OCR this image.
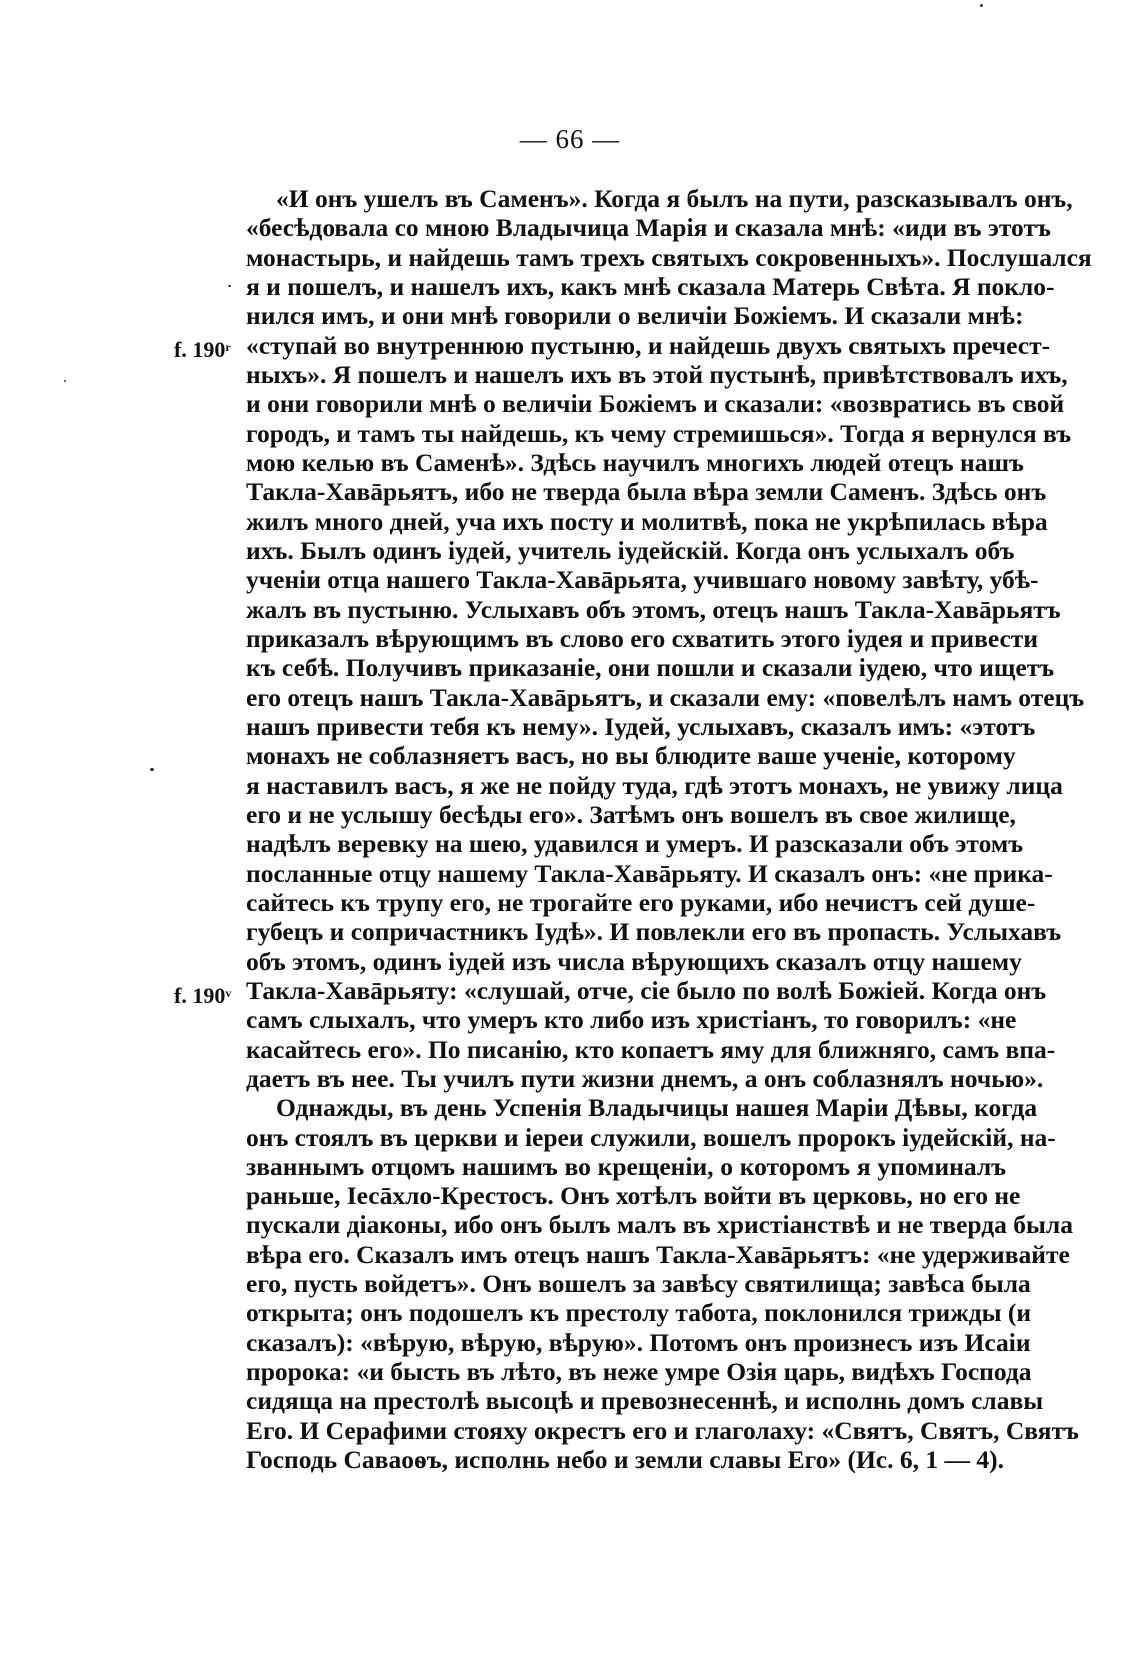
— 66 —
f. 190$^r$
f. 190$^v$
«И онъ ушелъ въ Саменъ». Когда я былъ на пути, разсказывалъ онъ,
«бесѣдовала со мною Владычица Марія и сказала мнѣ: «иди въ этотъ
монастырь, и найдешь тамъ трехъ святыхъ сокровенныхъ». Послушался
я и пошелъ, и нашелъ ихъ, какъ мнѣ сказала Матерь Свѣта. Я покло-
нился имъ, и они мнѣ говорили о величіи Божіемъ. И сказали мнѣ:
«ступай во внутреннюю пустыню, и найдешь двухъ святыхъ пречест-
ныхъ». Я пошелъ и нашелъ ихъ въ этой пустынѣ, привѣтствовалъ ихъ,
и они говорили мнѣ о величіи Божіемъ и сказали: «возвратись въ свой
городъ, и тамъ ты найдешь, къ чему стремишься». Тогда я вернулся въ
мою келью въ Саменѣ». Здѣсь научилъ многихъ людей отецъ нашъ
Такла-Хавāрьятъ, ибо не тверда была вѣра земли Саменъ. Здѣсь онъ
жилъ много дней, уча ихъ посту и молитвѣ, пока не укрѣпилась вѣра
ихъ. Былъ одинъ іудей, учитель іудейскій. Когда онъ услыхалъ объ
ученіи отца нашего Такла-Хавāрьята, учившаго новому завѣту, убѣ-
жалъ въ пустыню. Услыхавъ объ этомъ, отецъ нашъ Такла-Хавāрьятъ
приказалъ вѣрующимъ въ слово его схватить этого іудея и привести
къ себѣ. Получивъ приказаніе, они пошли и сказали іудею, что ищетъ
его отецъ нашъ Такла-Хавāрьятъ, и сказали ему: «повелѣлъ намъ отецъ
нашъ привести тебя къ нему». Іудей, услыхавъ, сказалъ имъ: «этотъ
монахъ не соблазняетъ васъ, но вы блюдите ваше ученіе, которому
я наставилъ васъ, я же не пойду туда, гдѣ этотъ монахъ, не увижу лица
его и не услышу бесѣды его». Затѣмъ онъ вошелъ въ свое жилище,
надѣлъ веревку на шею, удавился и умеръ. И разсказали объ этомъ
посланные отцу нашему Такла-Хавāрьяту. И сказалъ онъ: «не прика-
сайтесь къ трупу его, не трогайте его руками, ибо нечистъ сей душе-
губецъ и сопричастникъ Іудѣ». И повлекли его въ пропасть. Услыхавъ
объ этомъ, одинъ іудей изъ числа вѣрующихъ сказалъ отцу нашему
Такла-Хавāрьяту: «слушай, отче, сіе было по волѣ Божіей. Когда онъ
самъ слыхалъ, что умеръ кто либо изъ христіанъ, то говорилъ: «не
касайтесь его». По писанію, кто копаетъ яму для ближняго, самъ впа-
даетъ въ нее. Ты училъ пути жизни днемъ, а онъ соблазнялъ ночью».
Однажды, въ день Успенія Владычицы нашея Маріи Дѣвы, когда
онъ стоялъ въ церкви и іереи служили, вошелъ пророкъ іудейскій, на-
званнымъ отцомъ нашимъ во крещеніи, о которомъ я упоминалъ
раньше, Іесāхло-Крестосъ. Онъ хотѣлъ войти въ церковь, но его не
пускали діаконы, ибо онъ былъ малъ въ христіанствѣ и не тверда была
вѣра его. Сказалъ имъ отецъ нашъ Такла-Хавāрьятъ: «не удерживайте
его, пусть войдетъ». Онъ вошелъ за завѣсу святилища; завѣса была
открыта; онъ подошелъ къ престолу табота, поклонился трижды (и
сказалъ): «вѣрую, вѣрую, вѣрую». Потомъ онъ произнесъ изъ Исаіи
пророка: «и бысть въ лѣто, въ неже умре Озія царь, видѣхъ Господа
сидяща на престолѣ высоцѣ и превознесеннѣ, и исполнь домъ славы
Его. И Серафими стояху окрестъ его и глаголаху: «Святъ, Святъ, Святъ
Господь Саваоѳъ, исполнь небо и земли славы Его» (Ис. 6, 1 — 4).
